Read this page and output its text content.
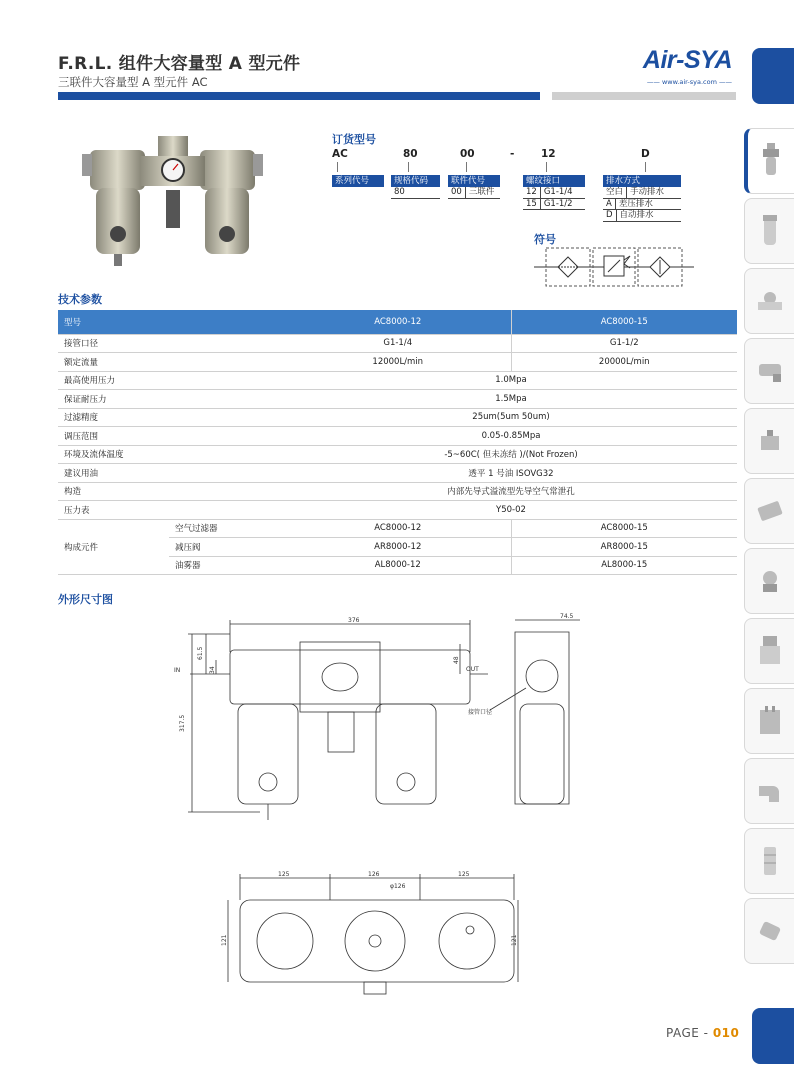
F.R.L. 组件大容量型 A 型元件
三联件大容量型 A 型元件 AC
Air-SYA
—— www.air-sya.com ——
订货型号
AC	80	00	-	12	D
系列代号	规格代码
80
联件代号
00 三联件
螺纹接口
12 G1-1/4
15 G1-1/2
排水方式
空白 手动排水
A 差压排水
D 自动排水
符号
技术参数
型号		AC8000-12	AC8000-15
接管口径		G1-1/4	G1-1/2
额定流量		12000L/min	20000L/min
最高使用压力		1.0Mpa	
保证耐压力		1.5Mpa	
过滤精度		25um(5um 50um)	
调压范围		0.05-0.85Mpa	
环境及流体温度		-5~60C( 但未冻结 )/(Not Frozen)	
建议用油		透平 1 号油 ISOVG32	
构造		内部先导式溢流型先导空气常泄孔	
压力表		Y50-02	
构成元件	空气过滤器	AC8000-12	AC8000-15
	减压阀	AR8000-12	AR8000-15
	油雾器	AL8000-12	AL8000-15
外形尺寸图
376
317.5
61.5
34
IN
48
OUT
74.5
接管口径
125	126	125
φ126
121	121
PAGE - 010
